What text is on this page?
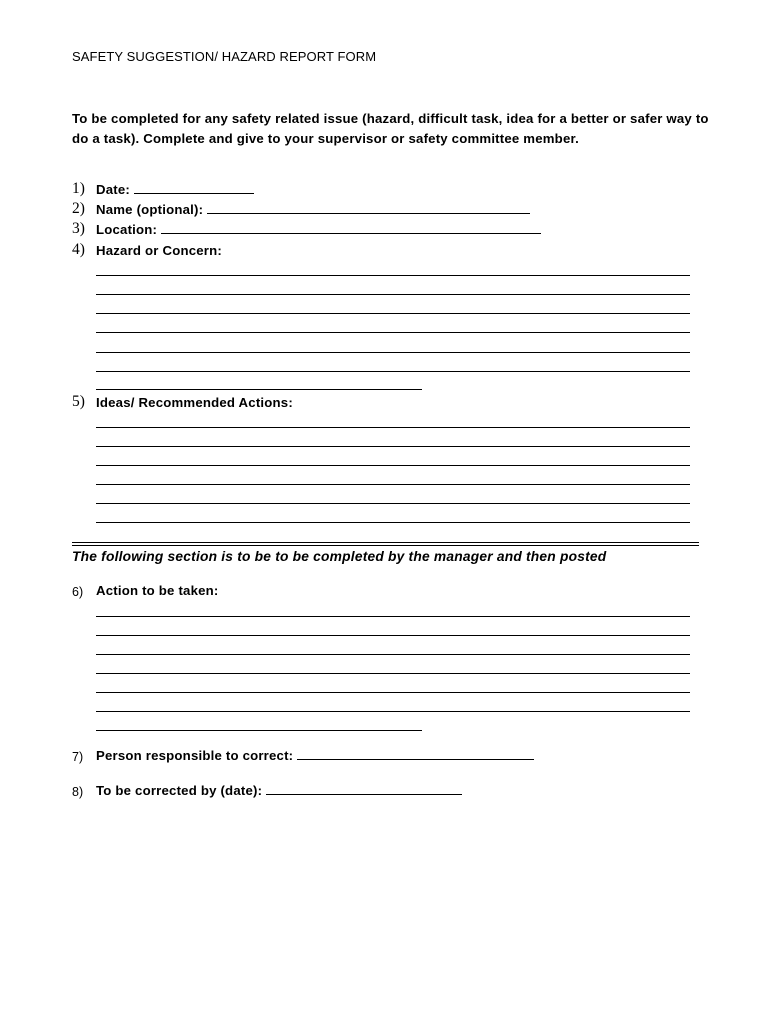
SAFETY SUGGESTION/ HAZARD REPORT FORM
To be completed for any safety related issue (hazard, difficult task, idea for a better or safer way to do a task). Complete and give to your supervisor or safety committee member.
1) Date:
2) Name (optional):
3) Location:
4) Hazard or Concern:
5) Ideas/ Recommended Actions:
The following section is to be to be completed by the manager and then posted
6) Action to be taken:
7) Person responsible to correct:
8) To be corrected by (date):
